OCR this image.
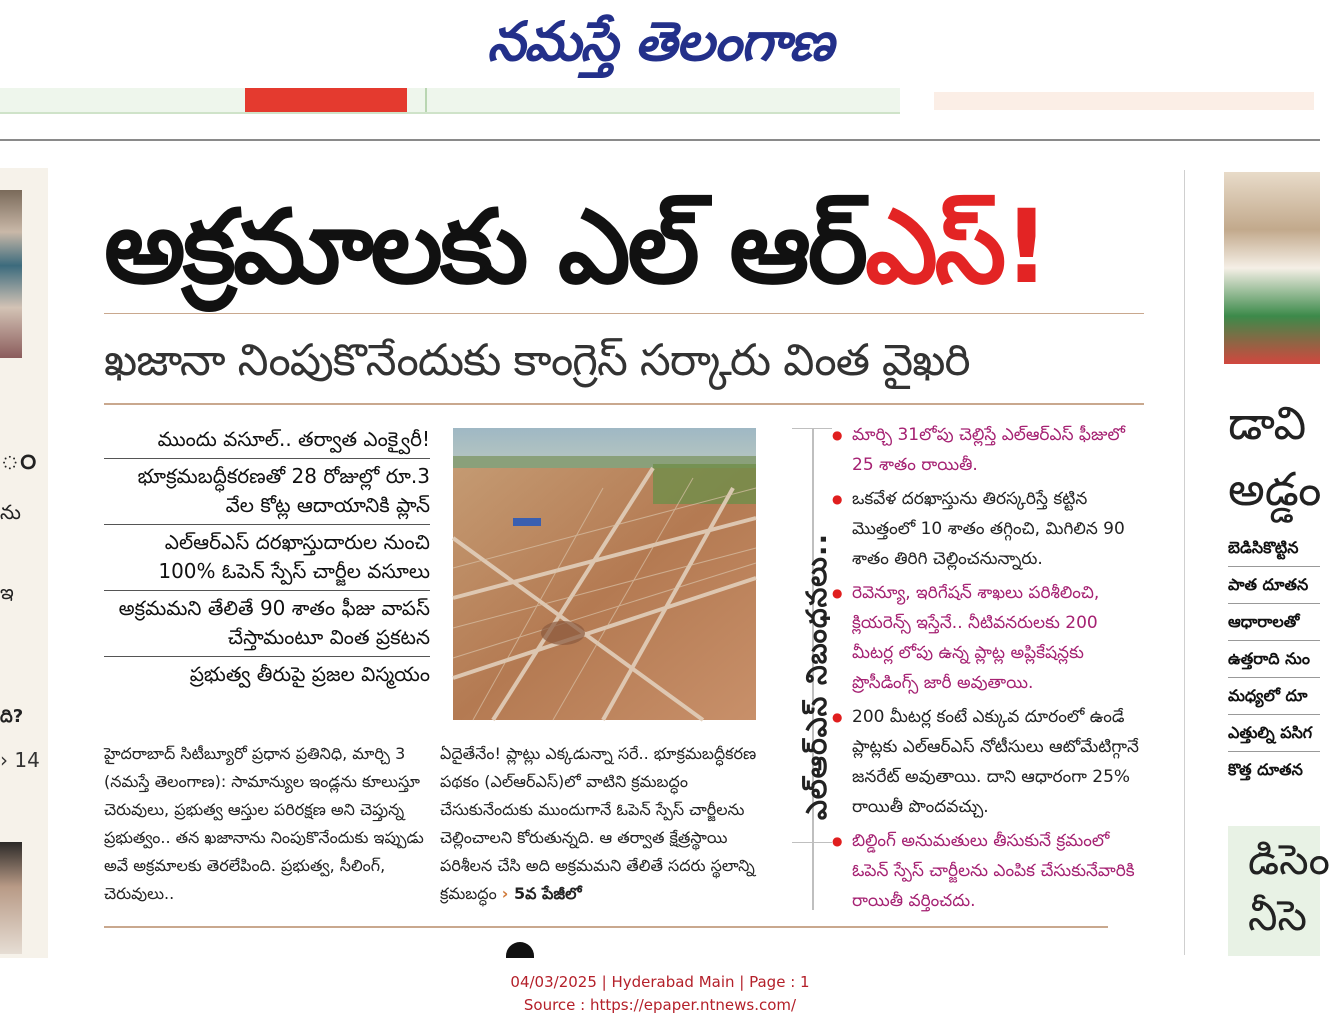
నమస్తే తెలంగాణ
ం
ను
ఇ
ది?
› 14
అక్రమాలకు ఎల్ ఆర్ఎస్!
ఖజానా నింపుకొనేందుకు కాంగ్రెస్ సర్కారు వింత వైఖరి
ముందు వసూల్.. తర్వాత ఎంక్వైరీ!
భూక్రమబద్ధీకరణతో 28 రోజుల్లో రూ.3 వేల కోట్ల ఆదాయానికి ప్లాన్
ఎల్ఆర్ఎస్ దరఖాస్తుదారుల నుంచి 100% ఓపెన్ స్పేస్ చార్జీల వసూలు
అక్రమమని తేలితే 90 శాతం ఫీజు వాపస్ చేస్తామంటూ వింత ప్రకటన
ప్రభుత్వ తీరుపై ప్రజల విస్మయం
హైదరాబాద్ సిటీబ్యూరో ప్రధాన ప్రతినిధి, మార్చి 3 (నమస్తే తెలంగాణ): సామాన్యుల ఇండ్లను కూలుస్తూ చెరువులు, ప్రభుత్వ ఆస్తుల పరిరక్షణ అని చెప్తున్న ప్రభుత్వం.. తన ఖజానాను నింపుకొనేందుకు ఇప్పుడు అవే అక్రమాలకు తెరలేపింది. ప్రభుత్వ, సీలింగ్, చెరువులు..
ఏదైతేనేం! ప్లాట్లు ఎక్కడున్నా సరే.. భూక్రమబద్ధీకరణ పథకం (ఎల్ఆర్ఎస్)లో వాటిని క్రమబద్ధం చేసుకునేందుకు ముందుగానే ఓపెన్ స్పేస్ చార్జీలను చెల్లించాలని కోరుతున్నది. ఆ తర్వాత క్షేత్రస్థాయి పరిశీలన చేసి అది అక్రమమని తేలితే సదరు స్థలాన్ని క్రమబద్ధం › 5వ పేజీలో
ఎల్ఆర్ఎస్ నిబంధనలు..
● మార్చి 31లోపు చెల్లిస్తే ఎల్ఆర్ఎస్ ఫీజులో 25 శాతం రాయితీ.
● ఒకవేళ దరఖాస్తును తిరస్కరిస్తే కట్టిన మొత్తంలో 10 శాతం తగ్గించి, మిగిలిన 90 శాతం తిరిగి చెల్లించనున్నారు.
● రెవెన్యూ, ఇరిగేషన్ శాఖలు పరిశీలించి, క్లియరెన్స్ ఇస్తేనే.. నీటివనరులకు 200 మీటర్ల లోపు ఉన్న ప్లాట్ల అప్లికేషన్లకు ప్రొసీడింగ్స్ జారీ అవుతాయి.
● 200 మీటర్ల కంటే ఎక్కువ దూరంలో ఉండే ప్లాట్లకు ఎల్ఆర్ఎస్ నోటీసులు ఆటోమేటిగ్గానే జనరేట్ అవుతాయి. దాని ఆధారంగా 25% రాయితీ పొందవచ్చు.
● బిల్డింగ్ అనుమతులు తీసుకునే క్రమంలో ఓపెన్ స్పేస్ చార్జీలను ఎంపిక చేసుకునేవారికి రాయితీ వర్తించదు.
డావి
అడ్డం
బెడిసికొట్టిన
పాత దూతన
ఆధారాలతో
ఉత్తరాది నుం
మధ్యలో దూ
ఎత్తుల్ని పసిగ
కొత్త దూతన
డిసెం
నీసె
04/03/2025 | Hyderabad Main | Page : 1
Source : https://epaper.ntnews.com/
